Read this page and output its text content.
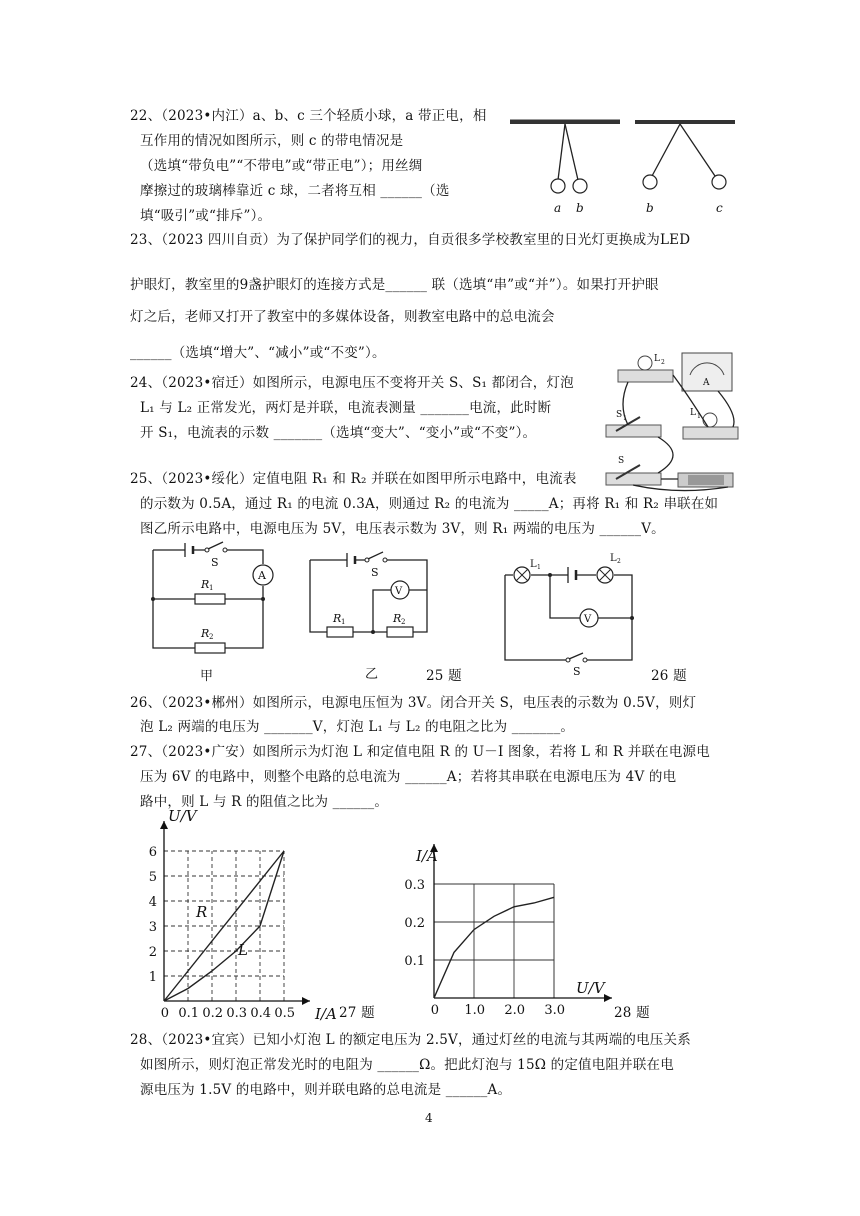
22、（2023•内江）a、b、c 三个轻质小球，a 带正电，相
互作用的情况如图所示，则 c 的带电情况是
（选填“带负电”“不带电”或“带正电”）；用丝绸
摩擦过的玻璃棒靠近 c 球，二者将互相 ______（选
填“吸引”或“排斥”）。	a b	b	c
23、（2023 四川自贡）为了保护同学们的视力，自贡很多学校教室里的日光灯更换成为LED
护眼灯，教室里的9盏护眼灯的连接方式是______ 联（选填“串”或“并”）。如果打开护眼
灯之后，老师又打开了教室中的多媒体设备，则教室电路中的总电流会
______（选填“增大”、“减小”或“不变”）。
24、（2023•宿迁）如图所示，电源电压不变将开关 S、S₁ 都闭合，灯泡
L₁ 与 L₂ 正常发光，两灯是并联，电流表测量 _______电流，此时断
开 S₁，电流表的示数 _______（选填“变大”、“变小”或“不变”）。
L 2
A
S 1
L 1
S
25、（2023•绥化）定值电阻 R₁ 和 R₂ 并联在如图甲所示电路中，电流表
的示数为 0.5A，通过 R₁ 的电流 0.3A，则通过 R₂ 的电流为 _____A；再将 R₁ 和 R₂ 串联在如
图乙所示电路中，电源电压为 5V，电压表示数为 3V，则 R₁ 两端的电压为 ______V。
S
A
R 1
R 2
甲
S
V
R 1	R 2
乙	25 题
L 1
L 2
V
S	26 题
26、（2023•郴州）如图所示，电源电压恒为 3V。闭合开关 S，电压表的示数为 0.5V，则灯
泡 L₂ 两端的电压为 _______V，灯泡 L₁ 与 L₂ 的电阻之比为 _______。
27、（2023•广安）如图所示为灯泡 L 和定值电阻 R 的 U－I 图象，若将 L 和 R 并联在电源电
压为 6V 的电路中，则整个电路的总电流为 ______A；若将其串联在电源电压为 4V 的电
路中，则 L 与 R 的阻值之比为 ______。
0 0.1 0.2 0.3 0.4 0.5
1
2
3
4
5
6
I/A
U/V
R
L
27 题	0 1.0 2.0 3.0
0.1
0.2
0.3
U/V
I/A
28 题
28、（2023•宜宾）已知小灯泡 L 的额定电压为 2.5V，通过灯丝的电流与其两端的电压关系
如图所示，则灯泡正常发光时的电阻为 ______Ω。把此灯泡与 15Ω 的定值电阻并联在电
源电压为 1.5V 的电路中，则并联电路的总电流是 ______A。
4
